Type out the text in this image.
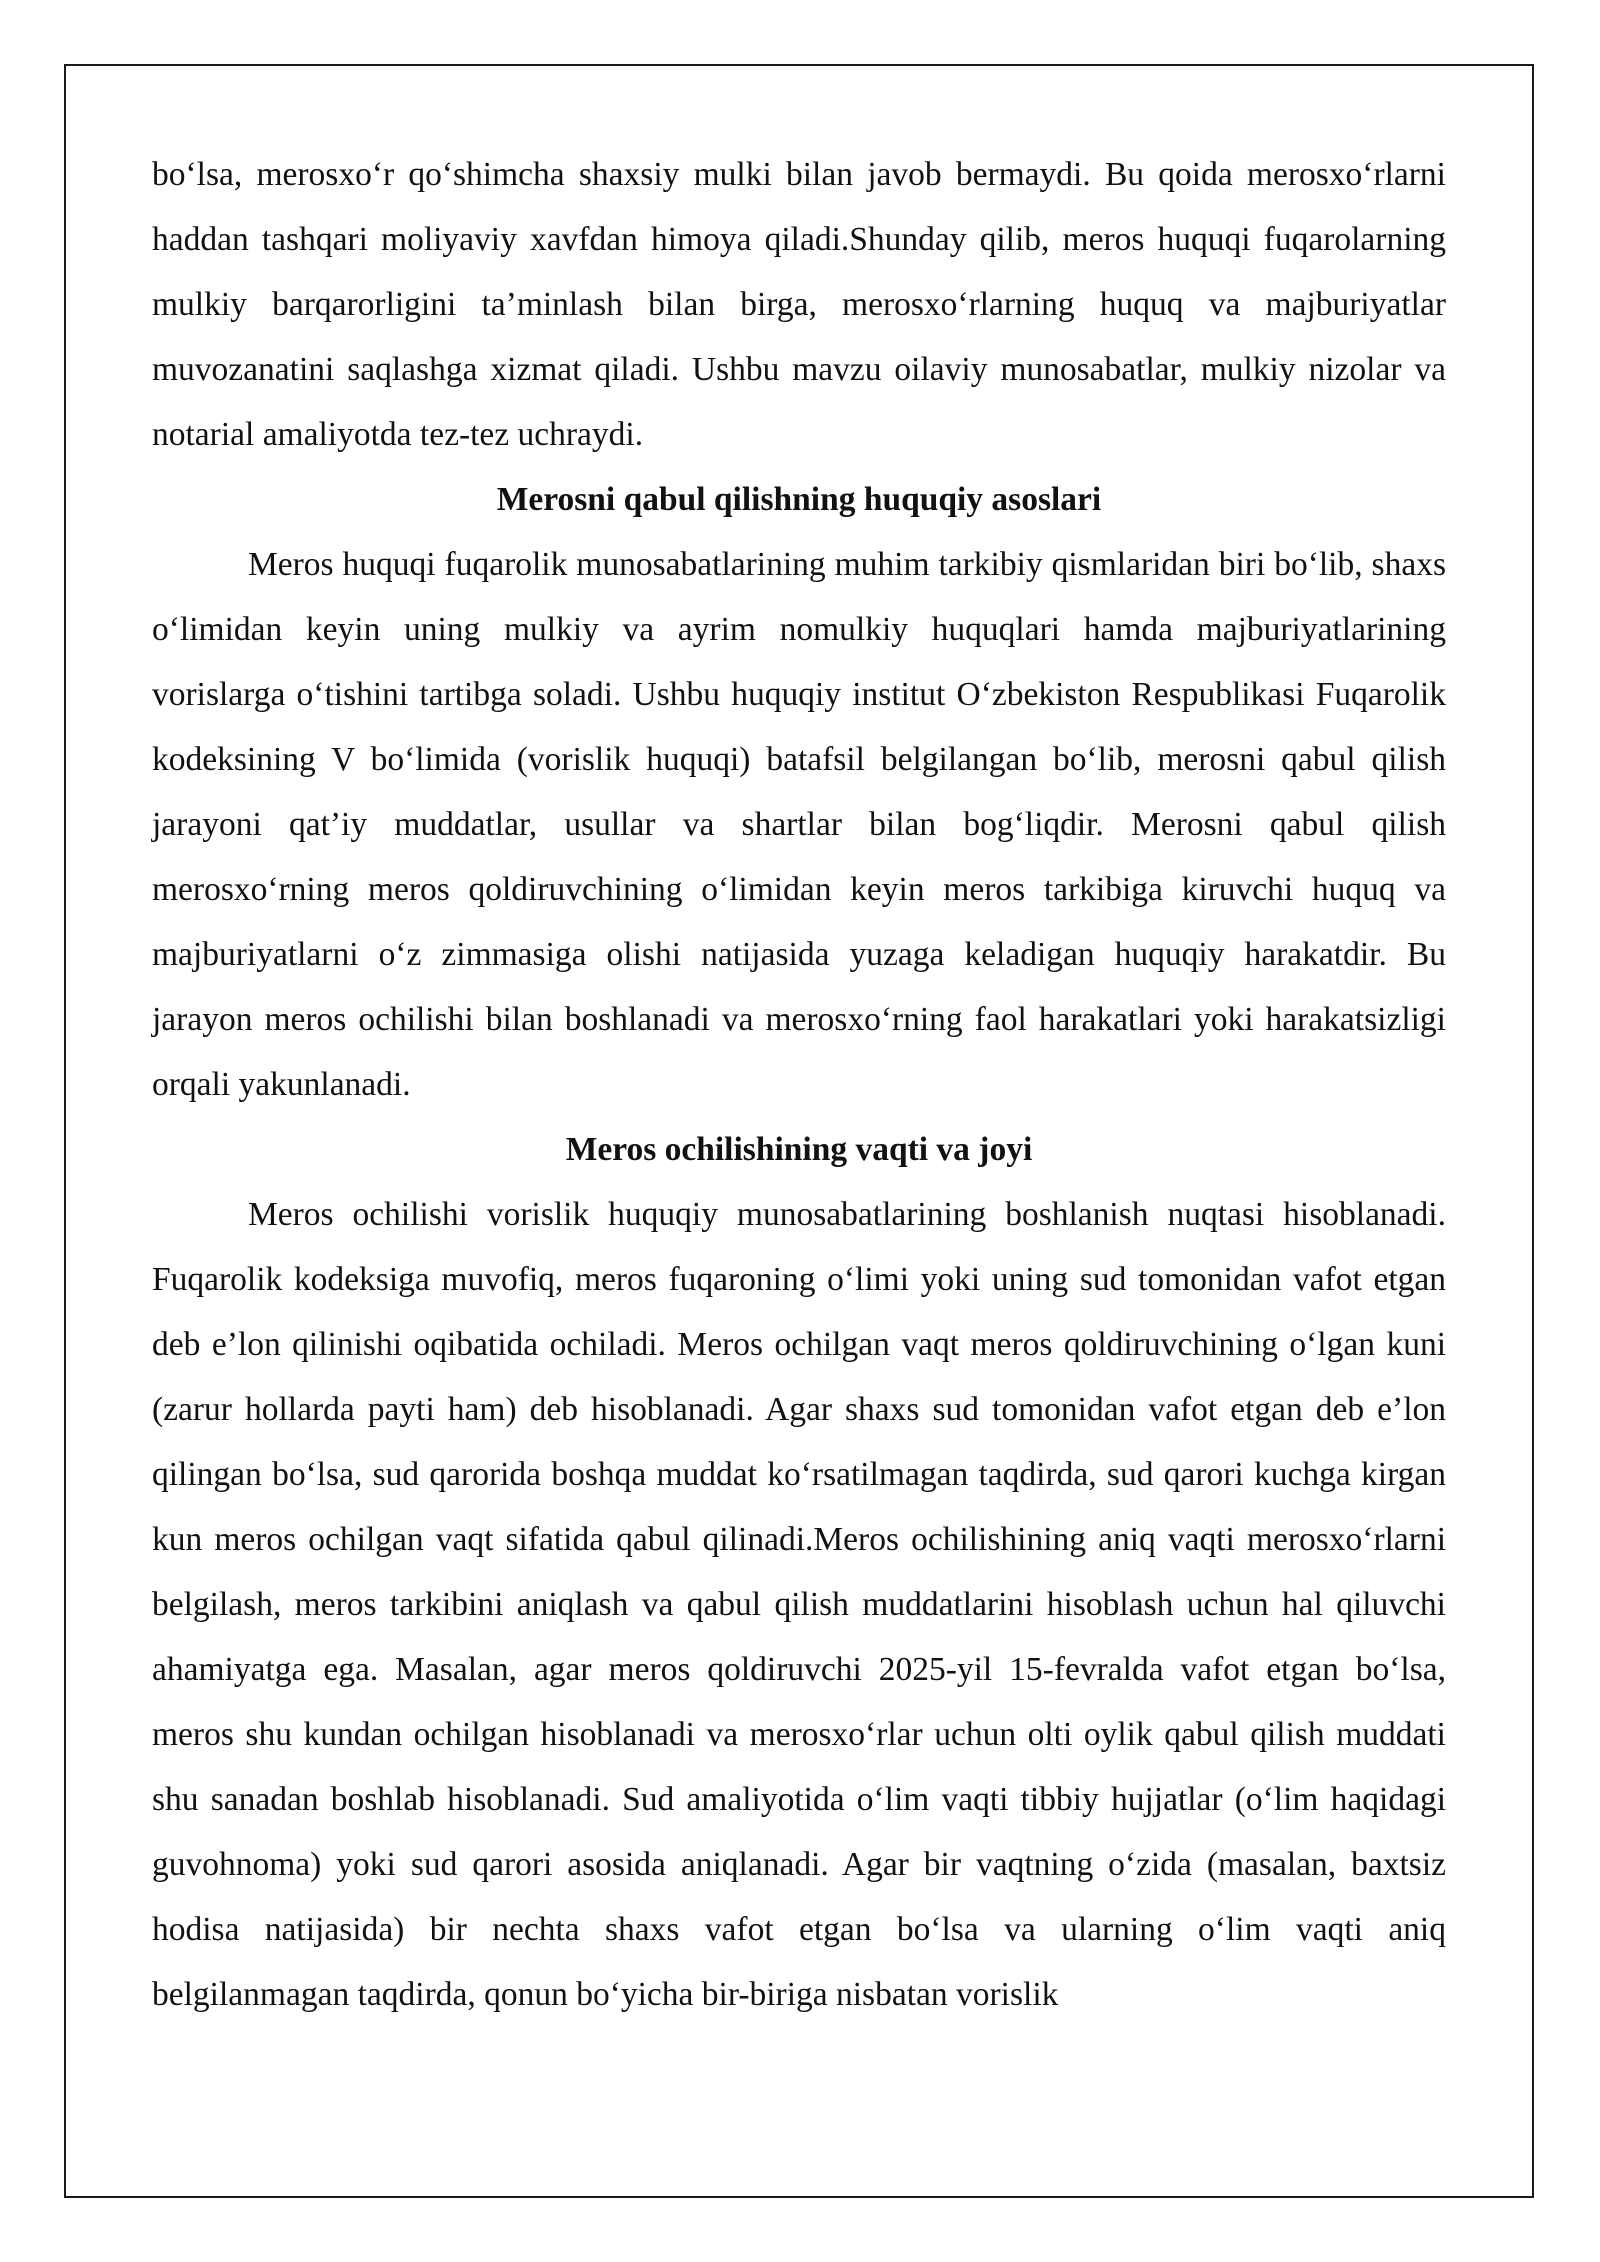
bo‘lsa, merosxo‘r qo‘shimcha shaxsiy mulki bilan javob bermaydi. Bu qoida merosxo‘rlarni haddan tashqari moliyaviy xavfdan himoya qiladi.Shunday qilib, meros huquqi fuqarolarning mulkiy barqarorligini ta’minlash bilan birga, merosxo‘rlarning huquq va majburiyatlar muvozanatini saqlashga xizmat qiladi. Ushbu mavzu oilaviy munosabatlar, mulkiy nizolar va notarial amaliyotda tez-tez uchraydi.

Merosni qabul qilishning huquqiy asoslari

Meros huquqi fuqarolik munosabatlarining muhim tarkibiy qismlaridan biri bo‘lib, shaxs o‘limidan keyin uning mulkiy va ayrim nomulkiy huquqlari hamda majburiyatlarining vorislarga o‘tishini tartibga soladi. Ushbu huquqiy institut O‘zbekiston Respublikasi Fuqarolik kodeksining V bo‘limida (vorislik huquqi) batafsil belgilangan bo‘lib, merosni qabul qilish jarayoni qat’iy muddatlar, usullar va shartlar bilan bog‘liqdir. Merosni qabul qilish merosxo‘rning meros qoldiruvchining o‘limidan keyin meros tarkibiga kiruvchi huquq va majburiyatlarni o‘z zimmasiga olishi natijasida yuzaga keladigan huquqiy harakatdir. Bu jarayon meros ochilishi bilan boshlanadi va merosxo‘rning faol harakatlari yoki harakatsizligi orqali yakunlanadi.

Meros ochilishining vaqti va joyi

Meros ochilishi vorislik huquqiy munosabatlarining boshlanish nuqtasi hisoblanadi. Fuqarolik kodeksiga muvofiq, meros fuqaroning o‘limi yoki uning sud tomonidan vafot etgan deb e’lon qilinishi oqibatida ochiladi. Meros ochilgan vaqt meros qoldiruvchining o‘lgan kuni (zarur hollarda payti ham) deb hisoblanadi. Agar shaxs sud tomonidan vafot etgan deb e’lon qilingan bo‘lsa, sud qarorida boshqa muddat ko‘rsatilmagan taqdirda, sud qarori kuchga kirgan kun meros ochilgan vaqt sifatida qabul qilinadi.Meros ochilishining aniq vaqti merosxo‘rlarni belgilash, meros tarkibini aniqlash va qabul qilish muddatlarini hisoblash uchun hal qiluvchi ahamiyatga ega. Masalan, agar meros qoldiruvchi 2025-yil 15-fevralda vafot etgan bo‘lsa, meros shu kundan ochilgan hisoblanadi va merosxo‘rlar uchun olti oylik qabul qilish muddati shu sanadan boshlab hisoblanadi. Sud amaliyotida o‘lim vaqti tibbiy hujjatlar (o‘lim haqidagi guvohnoma) yoki sud qarori asosida aniqlanadi. Agar bir vaqtning o‘zida (masalan, baxtsiz hodisa natijasida) bir nechta shaxs vafot etgan bo‘lsa va ularning o‘lim vaqti aniq belgilanmagan taqdirda, qonun bo‘yicha bir-biriga nisbatan vorislik
